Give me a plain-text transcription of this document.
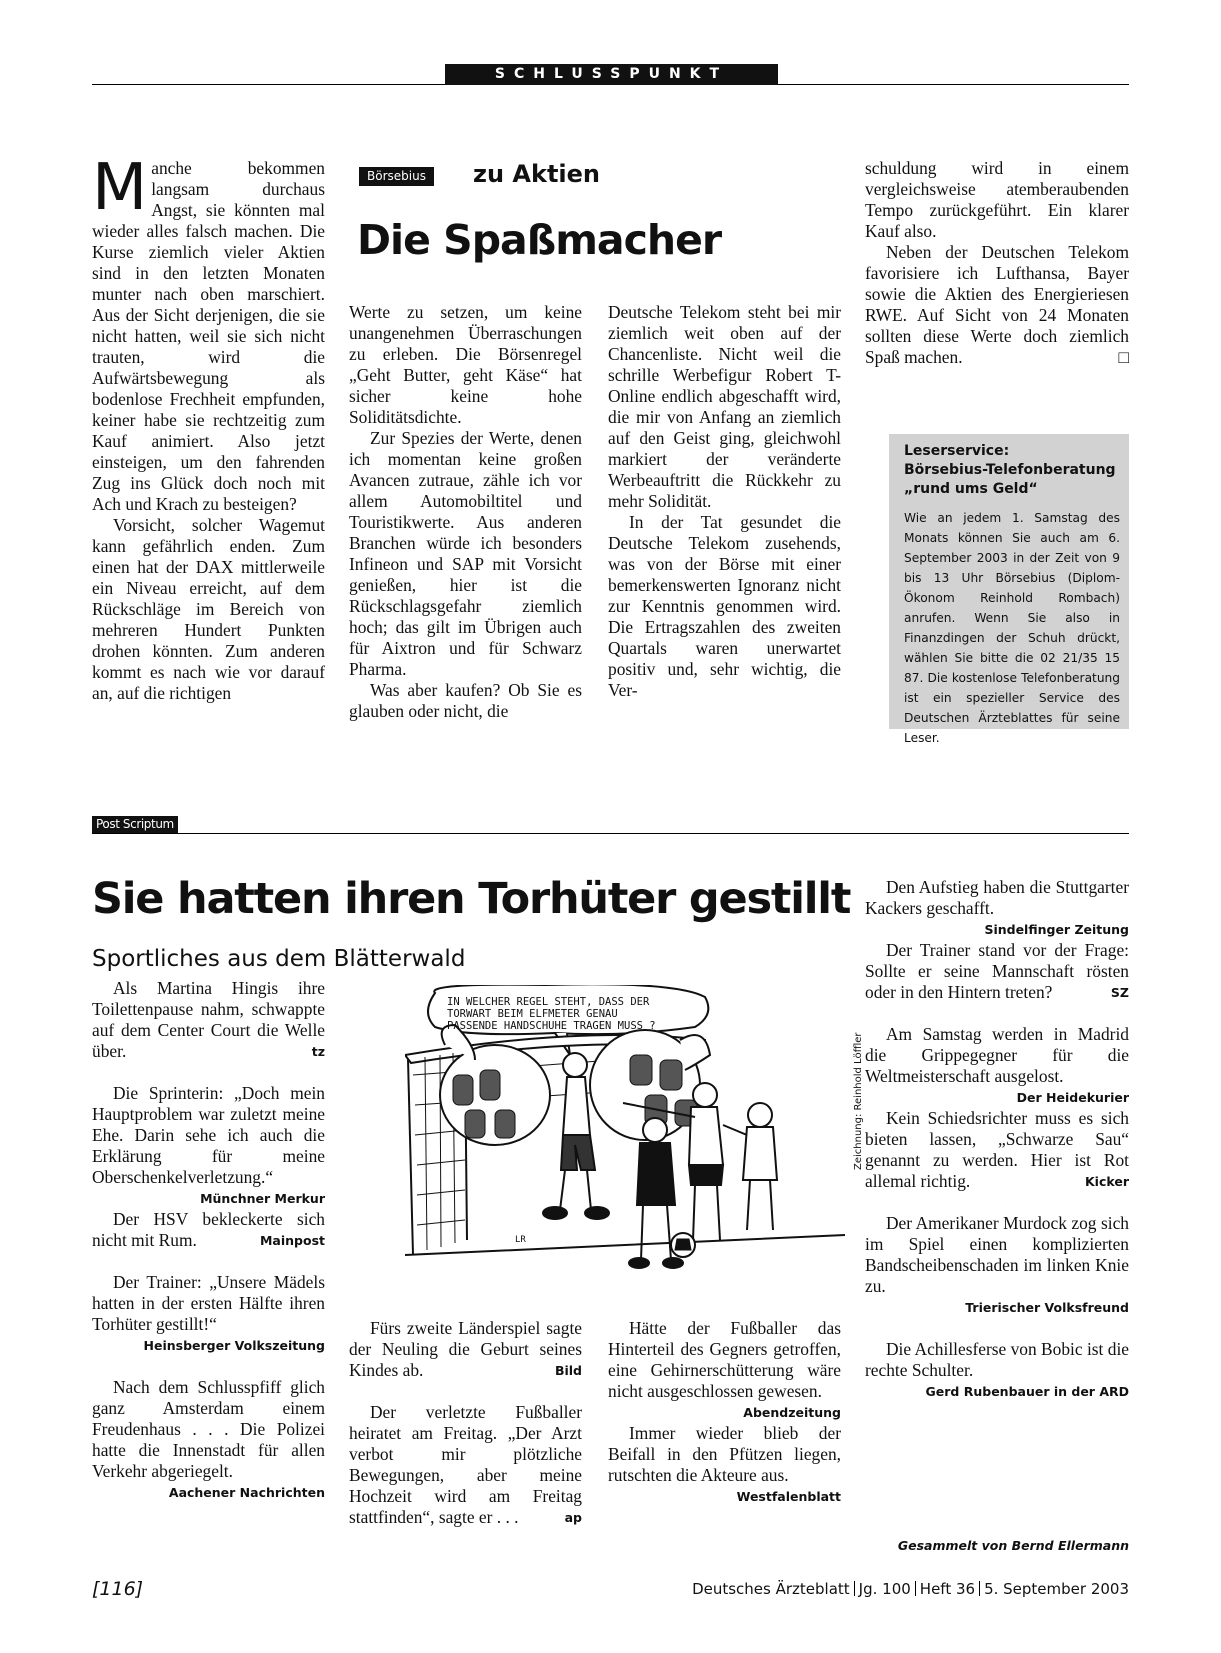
SCHLUSSPUNKT
Börsebius	zu Aktien
Die Spaßmacher

Manche bekommen langsam durchaus Angst, sie könnten mal wieder alles falsch machen. Die Kurse ziemlich vieler Aktien sind in den letzten Monaten munter nach oben marschiert. Aus der Sicht derjenigen, die sie nicht hatten, weil sie sich nicht trauten, wird die Aufwärtsbewegung als bodenlose Frechheit empfunden, keiner habe sie rechtzeitig zum Kauf animiert. Also jetzt einsteigen, um den fahrenden Zug ins Glück doch noch mit Ach und Krach zu besteigen?

Vorsicht, solcher Wagemut kann gefährlich enden. Zum einen hat der DAX mittlerweile ein Niveau erreicht, auf dem Rückschläge im Bereich von mehreren Hundert Punkten drohen könnten. Zum anderen kommt es nach wie vor darauf an, auf die richtigen

Werte zu setzen, um keine unangenehmen Überraschungen zu erleben. Die Börsenregel „Geht Butter, geht Käse“ hat sicher keine hohe Soliditätsdichte.

Zur Spezies der Werte, denen ich momentan keine großen Avancen zutraue, zähle ich vor allem Automobiltitel und Touristikwerte. Aus anderen Branchen würde ich besonders Infineon und SAP mit Vorsicht genießen, hier ist die Rückschlagsgefahr ziemlich hoch; das gilt im Übrigen auch für Aixtron und für Schwarz Pharma.

Was aber kaufen? Ob Sie es glauben oder nicht, die

Deutsche Telekom steht bei mir ziemlich weit oben auf der Chancenliste. Nicht weil die schrille Werbefigur Robert T-Online endlich abgeschafft wird, die mir von Anfang an ziemlich auf den Geist ging, gleichwohl markiert der veränderte Werbeauftritt die Rückkehr zu mehr Solidität.

In der Tat gesundet die Deutsche Telekom zusehends, was von der Börse mit einer bemerkenswerten Ignoranz nicht zur Kenntnis genommen wird. Die Ertragszahlen des zweiten Quartals waren unerwartet positiv und, sehr wichtig, die Ver-

schuldung wird in einem vergleichsweise atemberaubenden Tempo zurückgeführt. Ein klarer Kauf also.

Neben der Deutschen Telekom favorisiere ich Lufthansa, Bayer sowie die Aktien des Energieriesen RWE. Auf Sicht von 24 Monaten sollten diese Werte doch ziemlich Spaß machen.	□

Leserservice:
Börsebius-Telefonberatung
„rund ums Geld“
Wie an jedem 1. Samstag des Monats können Sie auch am 6. September 2003 in der Zeit von 9 bis 13 Uhr Börsebius (Diplom-Ökonom Reinhold Rombach) anrufen. Wenn Sie also in Finanzdingen der Schuh drückt, wählen Sie bitte die 02 21/35 15 87. Die kostenlose Telefonberatung ist ein spezieller Service des Deutschen Ärzteblattes für seine Leser.
Post Scriptum
Sie hatten ihren Torhüter gestillt
Sportliches aus dem Blätterwald

Als Martina Hingis ihre Toilettenpause nahm, schwappte auf dem Center Court die Welle über.	tz

Die Sprinterin: „Doch mein Hauptproblem war zuletzt meine Ehe. Darin sehe ich auch die Erklärung für meine Oberschenkelverletzung.“
Münchner Merkur

Der HSV bekleckerte sich nicht mit Rum.	Mainpost

Der Trainer: „Unsere Mädels hatten in der ersten Hälfte ihren Torhüter gestillt!“

Heinsberger Volkszeitung

Nach dem Schlusspfiff glich ganz Amsterdam einem Freudenhaus . . . Die Polizei hatte die Innenstadt für allen Verkehr abgeriegelt.

Aachener Nachrichten
IN WELCHER REGEL STEHT, DASS DER
TORWART BEIM ELFMETER GENAU
PASSENDE HANDSCHUHE TRAGEN MUSS ?
LR
Zeichnung: Reinhold Löffler

Fürs zweite Länderspiel sagte der Neuling die Geburt seines Kindes ab.	Bild

Der verletzte Fußballer heiratet am Freitag. „Der Arzt verbot mir plötzliche Bewegungen, aber meine Hochzeit wird am Freitag stattfinden“, sagte er . . .	ap

Hätte der Fußballer das Hinterteil des Gegners getroffen, eine Gehirnerschütterung wäre nicht ausgeschlossen gewesen.
Abendzeitung

Immer wieder blieb der Beifall in den Pfützen liegen, rutschten die Akteure aus.

Westfalenblatt

Den Aufstieg haben die Stuttgarter Kackers geschafft.
Sindelfinger Zeitung

Der Trainer stand vor der Frage: Sollte er seine Mannschaft rösten oder in den Hintern treten?	SZ

Am Samstag werden in Madrid die Grippegegner für die Weltmeisterschaft ausgelost.
Der Heidekurier

Kein Schiedsrichter muss es sich bieten lassen, „Schwarze Sau“ genannt zu werden. Hier ist Rot allemal richtig.	Kicker

Der Amerikaner Murdock zog sich im Spiel einen komplizierten Bandscheibenschaden im linken Knie zu.

Trierischer Volksfreund

Die Achillesferse von Bobic ist die rechte Schulter.

Gerd Rubenbauer in der ARD
Gesammelt von Bernd Ellermann
[116]	Deutsches Ärzteblatt Jg. 100 Heft 36 5. September 2003
